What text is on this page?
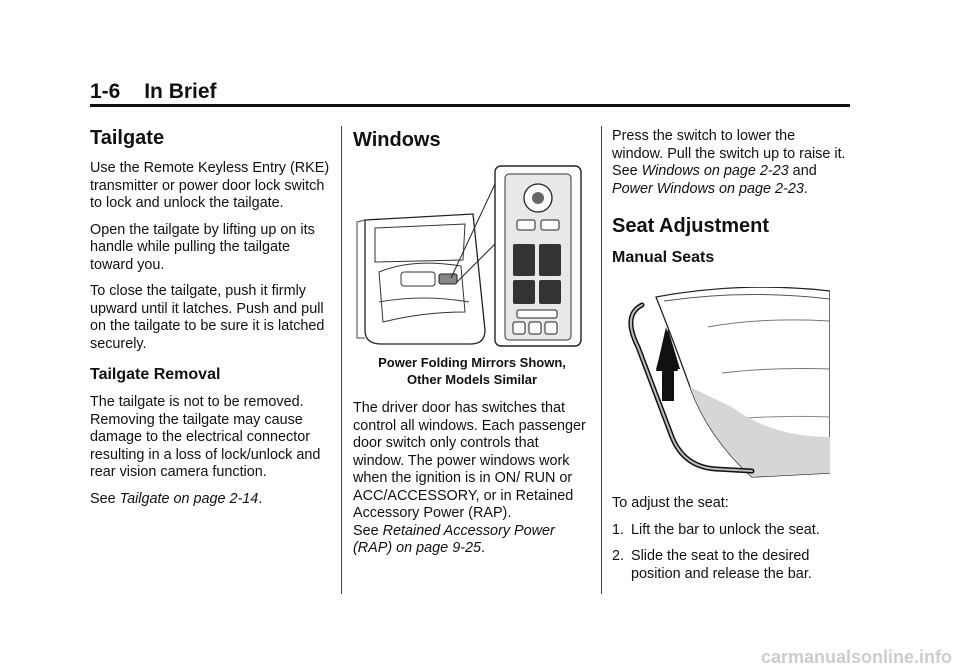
1-6 In Brief
Tailgate

Use the Remote Keyless Entry (RKE) transmitter or power door lock switch to lock and unlock the tailgate.

Open the tailgate by lifting up on its handle while pulling the tailgate toward you.

To close the tailgate, push it firmly upward until it latches. Push and pull on the tailgate to be sure it is latched securely.

Tailgate Removal

The tailgate is not to be removed. Removing the tailgate may cause damage to the electrical connector resulting in a loss of lock/unlock and rear vision camera function.

See Tailgate on page 2-14.

Windows
Power Folding Mirrors Shown,
Other Models Similar

The driver door has switches that control all windows. Each passenger door switch only controls that window. The power windows work when the ignition is in ON/ RUN or ACC/ACCESSORY, or in Retained Accessory Power (RAP).

See Retained Accessory Power (RAP) on page 9-25.

Press the switch to lower the window. Pull the switch up to raise it. See Windows on page 2-23 and Power Windows on page 2-23.

Seat Adjustment
Manual Seats

To adjust the seat:

1. Lift the bar to unlock the seat.
2. Slide the seat to the desired position and release the bar.
carmanualsonline.info
